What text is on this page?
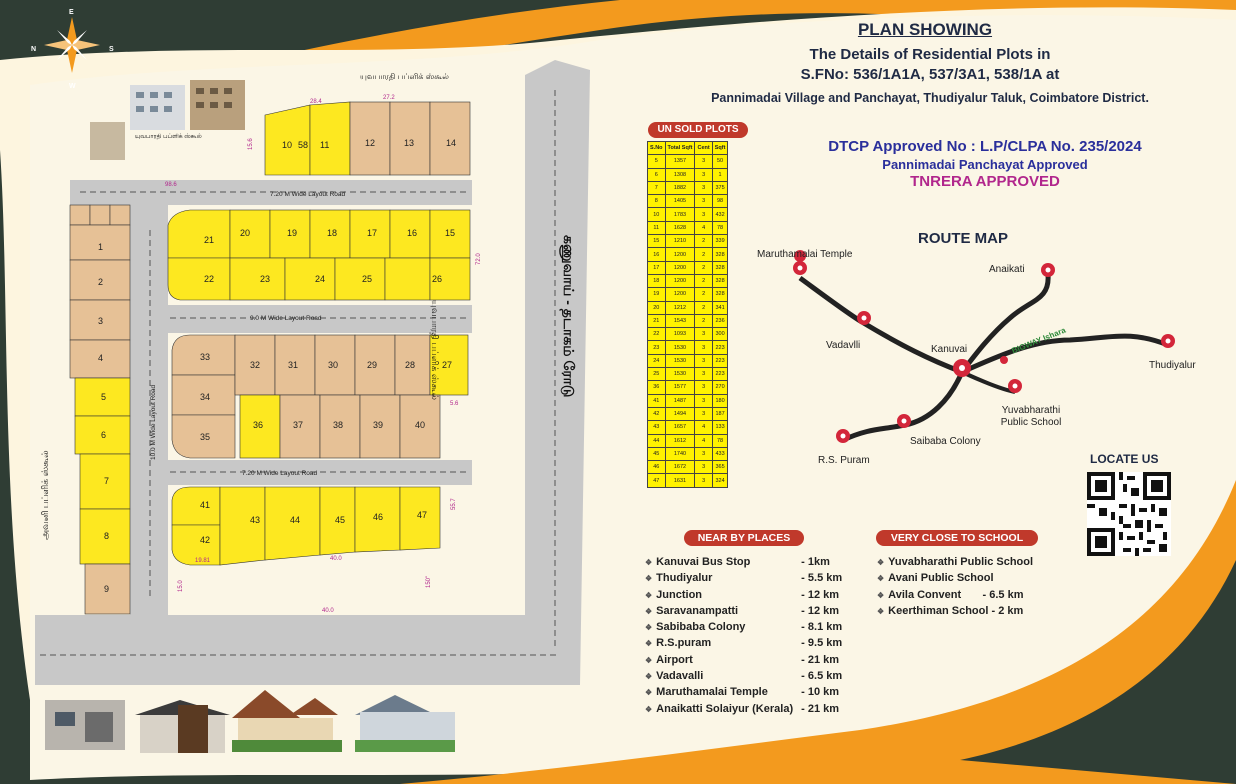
10 58 11	12	13	14
1
2
3
4
5
6
7
8
9
21
20	19	18	17	16	15
22	23	24	25	26
33
34
35
32	31	30	29	28	27
36	37	38	39	40
41
42
43	44	45	46	47
7.20 M Wide Layout Road
9.0 M Wide Layout Road
7.20 M Wide Layout Road
10.0 M Wide Layout Road
28.4
27.2
98.6
15.6
72.0
5.6
55.7
19.81	40.0
40.0
15.0	150"
E
N	S
W
யுவபாரதி பப்ளிக் ஸ்கூல்
யுவபாரதி பப்ளிக் ஸ்கூல்
யுவபாரதி பப்ளிக் ஸ்கூல்
அவனி பப்ளிக் ஸ்கூல்
கணுவாய் - தடாகம் ரோடு
PLAN SHOWING
The Details of Residential Plots in
S.FNo: 536/1A1A, 537/3A1, 538/1A at
Pannimadai Village and Panchayat, Thudiyalur Taluk, Coimbatore District.
DTCP Approved No : L.P/CLPA No. 235/2024
Pannimadai Panchayat Approved
TNRERA APPROVED
UN SOLD PLOTS
S.No	Total Sqft	Cent	Sqft
5	1357	3	50
6	1308	3	1
7	1882	3	375
8	1405	3	98
10	1783	3	432
11	1628	4	78
15	1210	2	339
16	1200	2	328
17	1200	2	328
18	1200	2	328
19	1200	2	328
20	1212	2	341
21	1543	2	236
22	1093	3	300
23	1530	3	223
24	1530	3	223
25	1530	3	223
36	1577	3	270
41	1487	3	180
42	1494	3	187
43	1657	4	133
44	1612	4	78
45	1740	3	433
46	1672	3	365
47	1631	3	324
ROUTE MAP
Maruthamalai Temple
Anaikati
Vadavlli	Kanuvai
Thudiyalur
Yuvabharathi Public School
Saibaba Colony
R.S. Puram
BIGWAY Ishara
LOCATE US
NEAR BY PLACES
❖ Kanuvai Bus Stop	- 1km
❖ Thudiyalur	- 5.5 km
❖ Junction	- 12 km
❖ Saravanampatti	- 12 km
❖ Sabibaba Colony	- 8.1 km
❖ R.S.puram	- 9.5 km
❖ Airport	- 21 km
❖ Vadavalli	- 6.5 km
❖ Maruthamalai Temple	- 10 km
❖ Anaikatti Solaiyur (Kerala) - 21 km
VERY CLOSE TO SCHOOL
❖ Yuvabharathi Public School
❖ Avani Public School
❖ Avila Convent       - 6.5 km
❖ Keerthiman School - 2 km
